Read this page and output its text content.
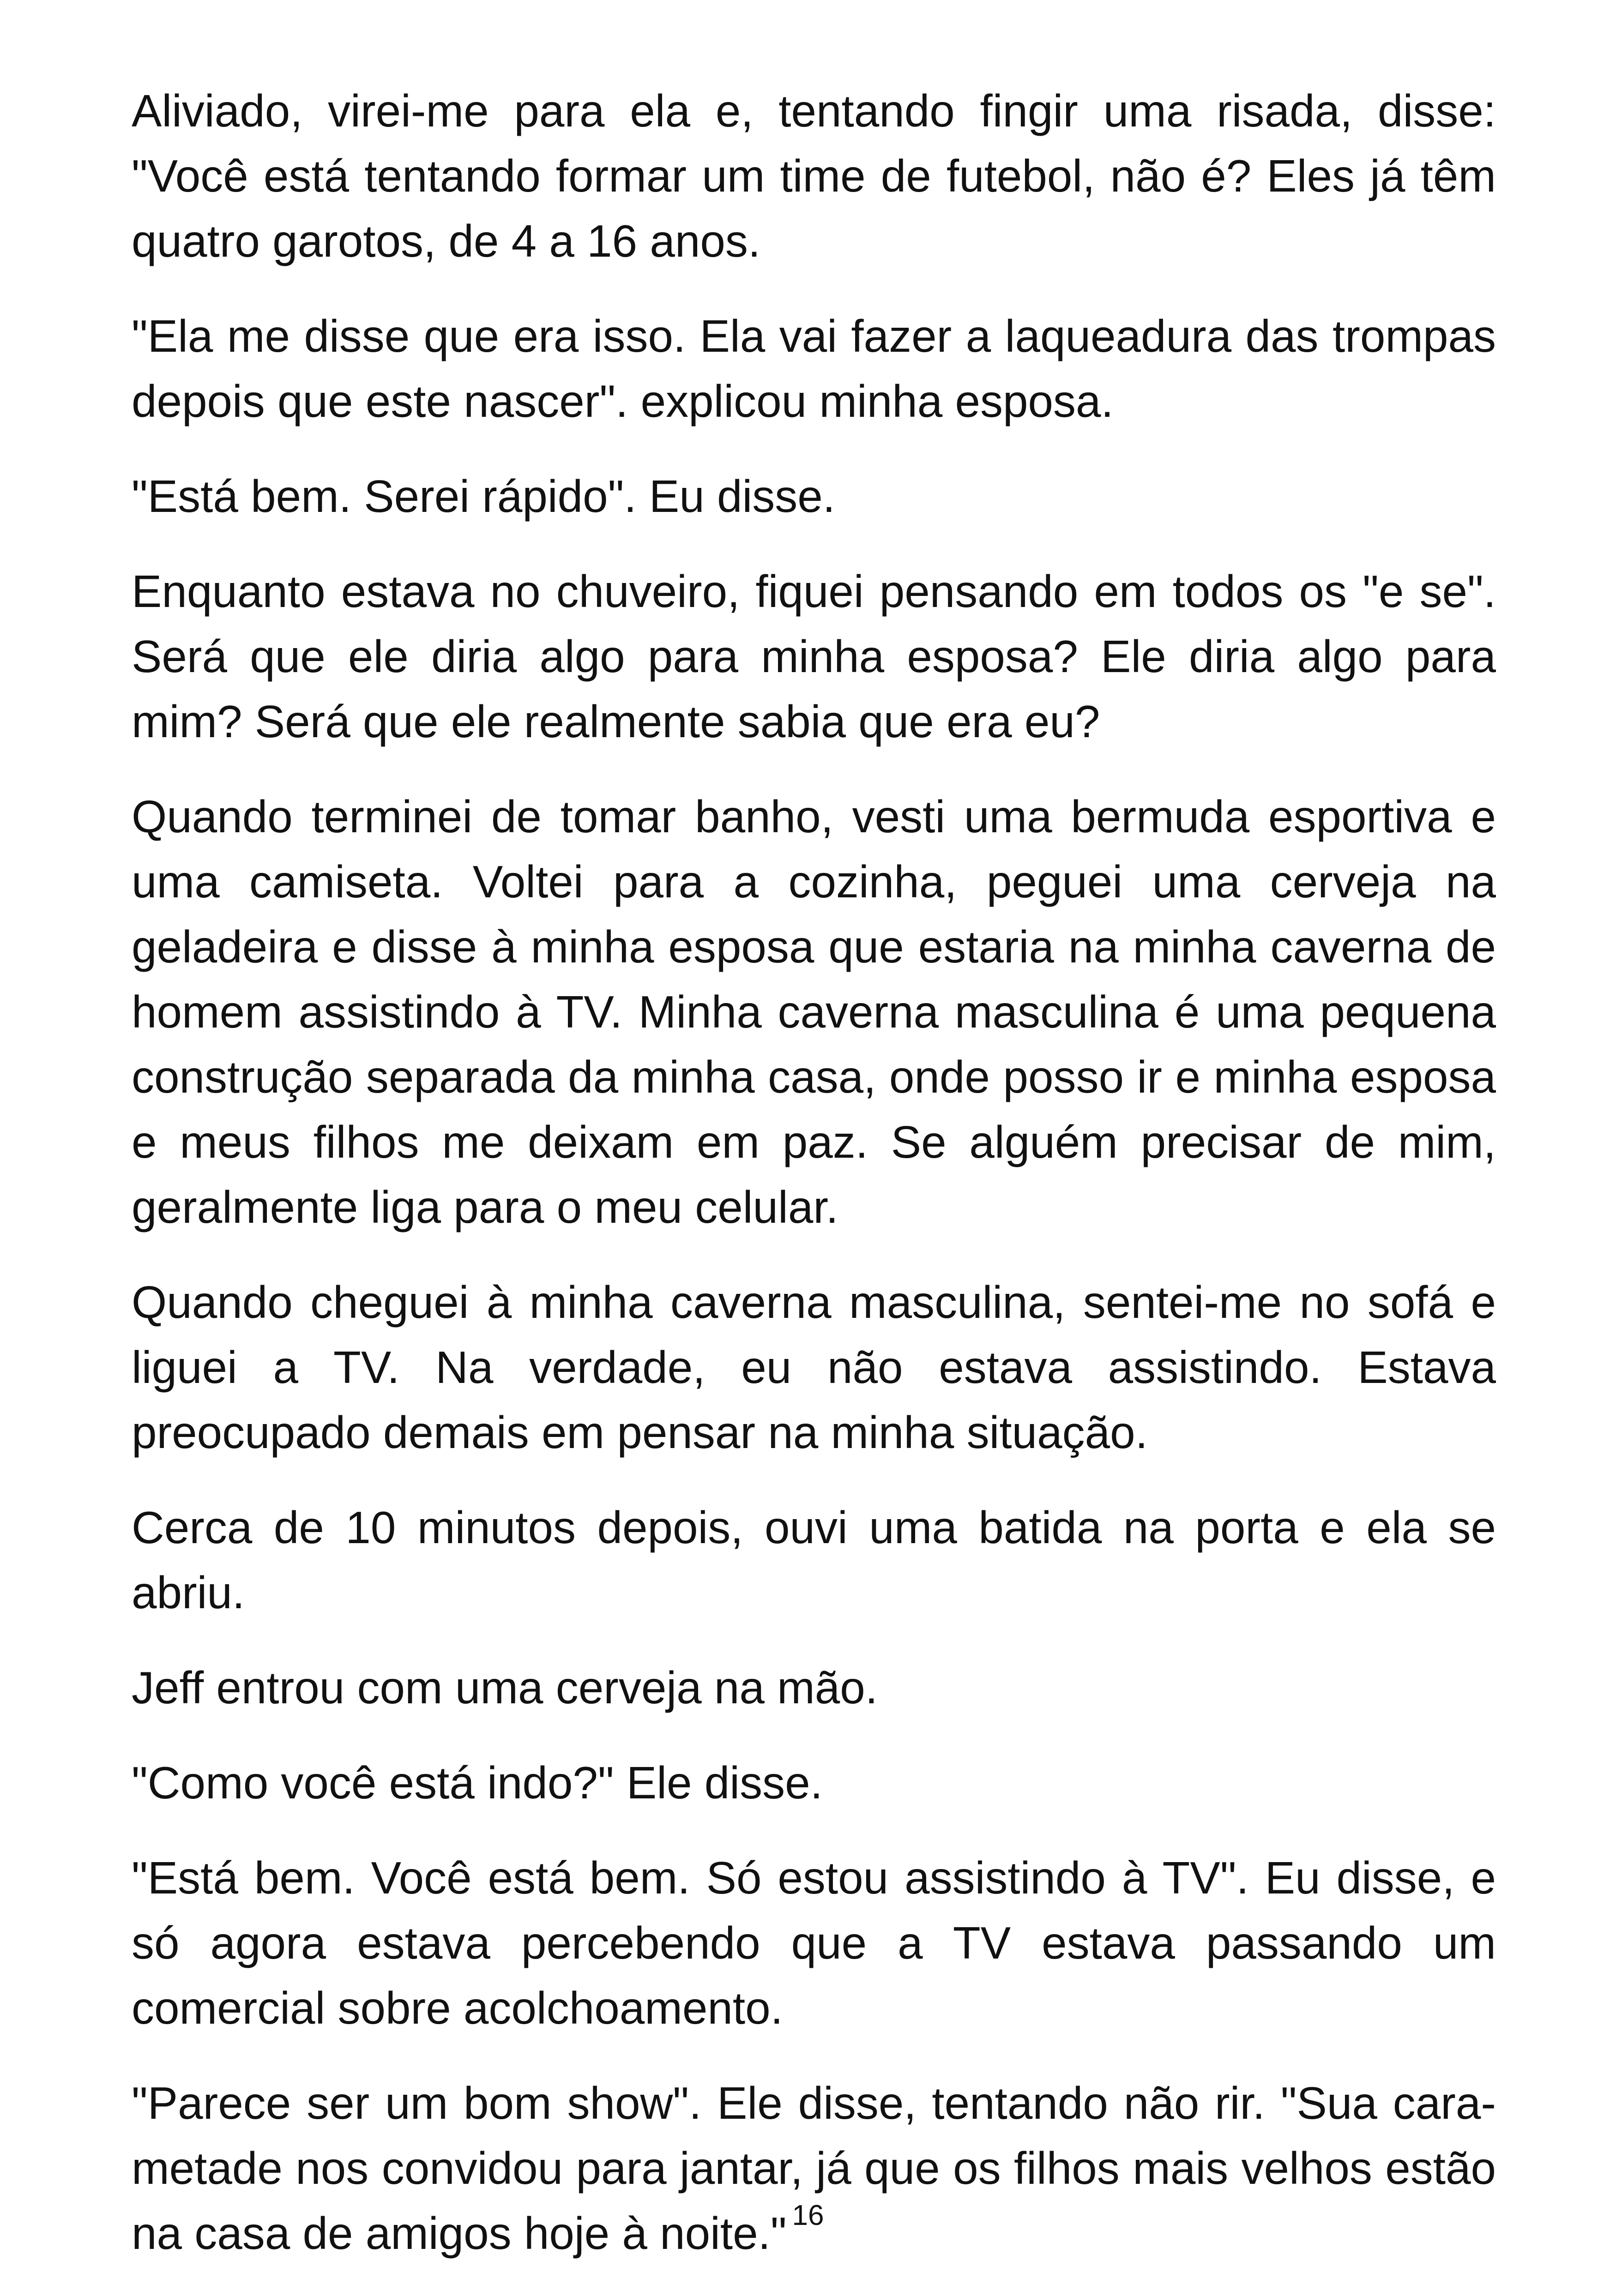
Aliviado, virei-me para ela e, tentando fingir uma risada, disse: "Você está tentando formar um time de futebol, não é? Eles já têm quatro garotos, de 4 a 16 anos.

"Ela me disse que era isso. Ela vai fazer a laqueadura das trompas depois que este nascer". explicou minha esposa.

"Está bem. Serei rápido". Eu disse.

Enquanto estava no chuveiro, fiquei pensando em todos os "e se". Será que ele diria algo para minha esposa? Ele diria algo para mim? Será que ele realmente sabia que era eu?

Quando terminei de tomar banho, vesti uma bermuda esportiva e uma camiseta. Voltei para a cozinha, peguei uma cerveja na geladeira e disse à minha esposa que estaria na minha caverna de homem assistindo à TV. Minha caverna masculina é uma pequena construção separada da minha casa, onde posso ir e minha esposa e meus filhos me deixam em paz. Se alguém precisar de mim, geralmente liga para o meu celular.

Quando cheguei à minha caverna masculina, sentei-me no sofá e liguei a TV. Na verdade, eu não estava assistindo. Estava preocupado demais em pensar na minha situação.

Cerca de 10 minutos depois, ouvi uma batida na porta e ela se abriu.

Jeff entrou com uma cerveja na mão.

"Como você está indo?" Ele disse.

"Está bem. Você está bem. Só estou assistindo à TV". Eu disse, e só agora estava percebendo que a TV estava passando um comercial sobre acolchoamento.

"Parece ser um bom show". Ele disse, tentando não rir. "Sua cara-metade nos convidou para jantar, já que os filhos mais velhos estão na casa de amigos hoje à noite." 16
